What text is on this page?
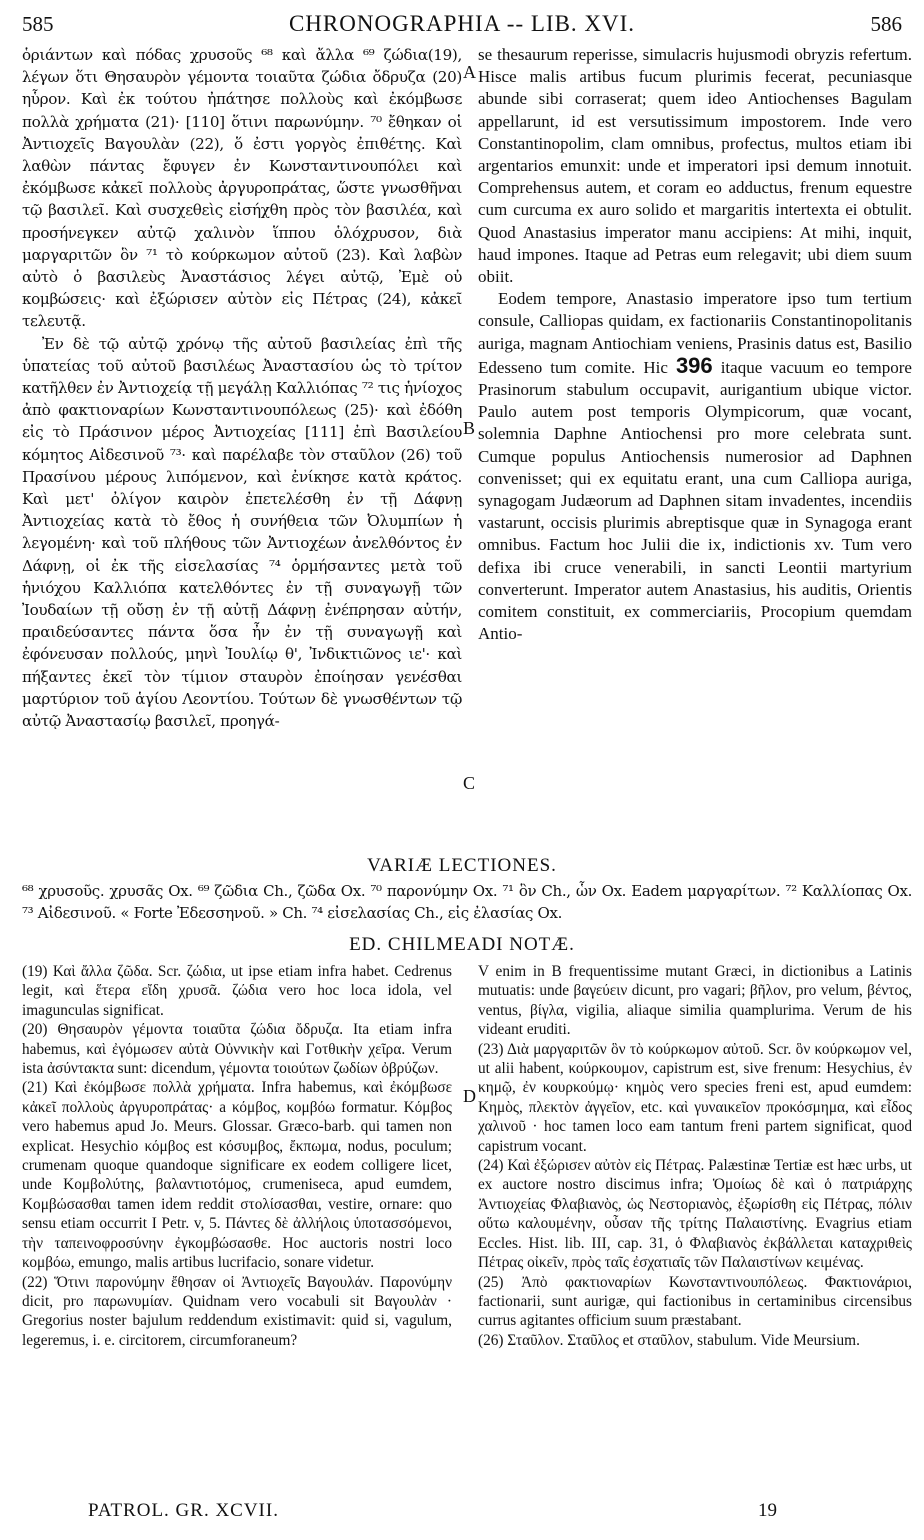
585	CHRONOGRAPHIA -- LIB. XVI.	586

ὁριάντων καὶ πόδας χρυσοῦς ⁶⁸ καὶ ἄλλα ⁶⁹ ζώδια(19), λέγων ὅτι Θησαυρὸν γέμοντα τοιαῦτα ζώδια ὄδρυζα (20) ηὗρον. Καὶ ἐκ τούτου ἠπάτησε πολλοὺς καὶ ἐκόμβωσε πολλὰ χρήματα (21)· [110] ὅτινι παρωνύμην. ⁷⁰ ἔθηκαν οἱ Ἀντιοχεῖς Βαγουλὰν (22), ὅ ἐστι γοργὸς ἐπιθέτης. Καὶ λαθὼν πάντας ἔφυγεν ἐν Κωνσταντινουπόλει καὶ ἐκόμβωσε κἀκεῖ πολλοὺς ἀργυροπράτας, ὥστε γνωσθῆναι τῷ βασιλεῖ. Καὶ συσχεθεὶς εἰσήχθη πρὸς τὸν βασιλέα, καὶ προσήνεγκεν αὐτῷ χαλινὸν ἵππου ὁλόχρυσον, διὰ μαργαριτῶν ὃν ⁷¹ τὸ κούρκωμον αὐτοῦ (23). Καὶ λαβὼν αὐτὸ ὁ βασιλεὺς Ἀναστάσιος λέγει αὐτῷ, Ἐμὲ οὐ κομβώσεις· καὶ ἐξώρισεν αὐτὸν εἰς Πέτρας (24), κἀκεῖ τελευτᾷ.

Ἐν δὲ τῷ αὐτῷ χρόνῳ τῆς αὐτοῦ βασιλείας ἐπὶ τῆς ὑπατείας τοῦ αὐτοῦ βασιλέως Ἀναστασίου ὡς τὸ τρίτον κατῆλθεν ἐν Ἀντιοχείᾳ τῇ μεγάλῃ Καλλιόπας ⁷² τις ἡνίοχος ἀπὸ φακτιοναρίων Κωνσταντινουπόλεως (25)· καὶ ἐδόθη εἰς τὸ Πράσινον μέρος Ἀντιοχείας [111] ἐπὶ Βασιλείου κόμητος Αἰδεσινοῦ ⁷³· καὶ παρέλαβε τὸν σταῦλον (26) τοῦ Πρασίνου μέρους λιπόμενον, καὶ ἐνίκησε κατὰ κράτος. Καὶ μετ' ὀλίγον καιρὸν ἐπετελέσθη ἐν τῇ Δάφνῃ Ἀντιοχείας κατὰ τὸ ἔθος ἡ συνήθεια τῶν Ὀλυμπίων ἡ λεγομένη· καὶ τοῦ πλήθους τῶν Ἀντιοχέων ἀνελθόντος ἐν Δάφνῃ, οἱ ἐκ τῆς εἰσελασίας ⁷⁴ ὁρμήσαντες μετὰ τοῦ ἡνιόχου Καλλιόπα κατελθόντες ἐν τῇ συναγωγῇ τῶν Ἰουδαίων τῇ οὔσῃ ἐν τῇ αὐτῇ Δάφνῃ ἐνέπρησαν αὐτήν, πραιδεύσαντες πάντα ὅσα ἦν ἐν τῇ συναγωγῇ καὶ ἐφόνευσαν πολλούς, μηνὶ Ἰουλίῳ θ', Ἰνδικτιῶνος ιε'· καὶ πήξαντες ἐκεῖ τὸν τίμιον σταυρὸν ἐποίησαν γενέσθαι μαρτύριον τοῦ ἁγίου Λεοντίου. Τούτων δὲ γνωσθέντων τῷ αὐτῷ Ἀναστασίῳ βασιλεῖ, προηγά-

A
B
C
D

se thesaurum reperisse, simulacris hujusmodi obryzis refertum. Hisce malis artibus fucum plurimis fecerat, pecuniasque abunde sibi corraserat; quem ideo Antiochenses Bagulam appellarunt, id est versutissimum impostorem. Inde vero Constantinopolim, clam omnibus, profectus, multos etiam ibi argentarios emunxit: unde et imperatori ipsi demum innotuit. Comprehensus autem, et coram eo adductus, frenum equestre cum curcuma ex auro solido et margaritis intertexta ei obtulit. Quod Anastasius imperator manu accipiens: At mihi, inquit, haud impones. Itaque ad Petras eum relegavit; ubi diem suum obiit.

Eodem tempore, Anastasio imperatore ipso tum tertium consule, Calliopas quidam, ex factionariis Constantinopolitanis auriga, magnam Antiochiam veniens, Prasinis datus est, Basilio Edesseno tum comite. Hic 396 itaque vacuum eo tempore Prasinorum stabulum occupavit, aurigantium ubique victor. Paulo autem post temporis Olympicorum, quæ vocant, solemnia Daphne Antiochensi pro more celebrata sunt. Cumque populus Antiochensis numerosior ad Daphnen convenisset; qui ex equitatu erant, una cum Calliopa auriga, synagogam Judæorum ad Daphnen sitam invadentes, incendiis vastarunt, occisis plurimis abreptisque quæ in Synagoga erant omnibus. Factum hoc Julii die ix, indictionis xv. Tum vero defixa ibi cruce venerabili, in sancti Leontii martyrium converterunt. Imperator autem Anastasius, his auditis, Orientis comitem constituit, ex commerciariis, Procopium quemdam Antio-

VARIÆ LECTIONES.

⁶⁸ χρυσοῦς. χρυσᾶς Ox. ⁶⁹ ζῶδια Ch., ζῶδα Ox. ⁷⁰ παρονύμην Ox. ⁷¹ ὃν Ch., ὧν Ox. Eadem μαργαρίτων. ⁷² Καλλίοπας Ox. ⁷³ Αἰδεσινοῦ. « Forte Ἐδεσσηνοῦ. » Ch. ⁷⁴ εἰσελασίας Ch., εἰς ἐλασίας Ox.

ED. CHILMEADI NOTÆ.

(19) Καὶ ἄλλα ζῶδα. Scr. ζώδια, ut ipse etiam infra habet. Cedrenus legit, καὶ ἕτερα εἴδη χρυσᾶ. ζώδια vero hoc loca idola, vel imagunculas significat.

(20) Θησαυρὸν γέμοντα τοιαῦτα ζώδια ὄδρυζα. Ita etiam infra habemus, καὶ ἐγόμωσεν αὐτὰ Οὐννικὴν καὶ Γοτθικὴν χεῖρα. Verum ista ἀσύντακτα sunt: dicendum, γέμοντα τοιούτων ζωδίων ὀβρύζων.

(21) Καὶ ἐκόμβωσε πολλὰ χρήματα. Infra habemus, καὶ ἐκόμβωσε κἀκεῖ πολλοὺς ἀργυροπράτας· a κόμβος, κομβόω formatur. Κόμβος vero habemus apud Jo. Meurs. Glossar. Græco-barb. qui tamen non explicat. Hesychio κόμβος est κόσυμβος, ἔκπωμα, nodus, poculum; crumenam quoque quandoque significare ex eodem colligere licet, unde Κομβολύτης, βαλαντιοτόμος, crumeniseca, apud eumdem, Κομβώσασθαι tamen idem reddit στολίσασθαι, vestire, ornare: quo sensu etiam occurrit I Petr. v, 5. Πάντες δὲ ἀλλήλοις ὑποτασσόμενοι, τὴν ταπεινοφροσύνην ἐγκομβώσασθε. Hoc auctoris nostri loco κομβόω, emungo, malis artibus lucrifacio, sonare videtur.

(22) Ὅτινι παρονύμην ἔθησαν οἱ Ἀντιοχεῖς Βαγουλάν. Παρονύμην dicit, pro παρωνυμίαν. Quidnam vero vocabuli sit Βαγουλὰν · Gregorius noster bajulum reddendum existimavit: quid si, vagulum, legeremus, i. e. circitorem, circumforaneum?

V enim in B frequentissime mutant Græci, in dictionibus a Latinis mutuatis: unde βαγεύειν dicunt, pro vagari; βῆλον, pro velum, βέντος, ventus, βίγλα, vigilia, aliaque similia quamplurima. Verum de his videant eruditi.

(23) Διὰ μαργαριτῶν ὃν τὸ κούρκωμον αὐτοῦ. Scr. ὃν κούρκωμον vel, ut alii habent, κούρκουμον, capistrum est, sive frenum: Hesychius, ἐν κημῷ, ἐν κουρκούμῳ· κημὸς vero species freni est, apud eumdem: Κημὸς, πλεκτὸν ἀγγεῖον, etc. καὶ γυναικεῖον προκόσμημα, καὶ εἶδος χαλινοῦ · hoc tamen loco eam tantum freni partem significat, quod capistrum vocant.

(24) Καὶ ἐξώρισεν αὐτὸν εἰς Πέτρας. Palæstinæ Tertiæ est hæc urbs, ut ex auctore nostro discimus infra; Ὁμοίως δὲ καὶ ὁ πατριάρχης Ἀντιοχείας Φλαβιανὸς, ὡς Νεστοριανὸς, ἐξωρίσθη εἰς Πέτρας, πόλιν οὕτω καλουμένην, οὖσαν τῆς τρίτης Παλαιστίνης. Evagrius etiam Eccles. Hist. lib. III, cap. 31, ὁ Φλαβιανὸς ἐκβάλλεται καταχριθεὶς Πέτρας οἰκεῖν, πρὸς ταῖς ἐσχατιαῖς τῶν Παλαιστίνων κειμένας.

(25) Ἀπὸ φακτιοναρίων Κωνσταντινουπόλεως. Φακτιονάριοι, factionarii, sunt aurigæ, qui factionibus in certaminibus circensibus currus agitantes officium suum præstabant.

(26) Σταῦλον. Σταῦλος et σταῦλον, stabulum. Vide Meursium.

PATROL. GR. XCVII.	19
